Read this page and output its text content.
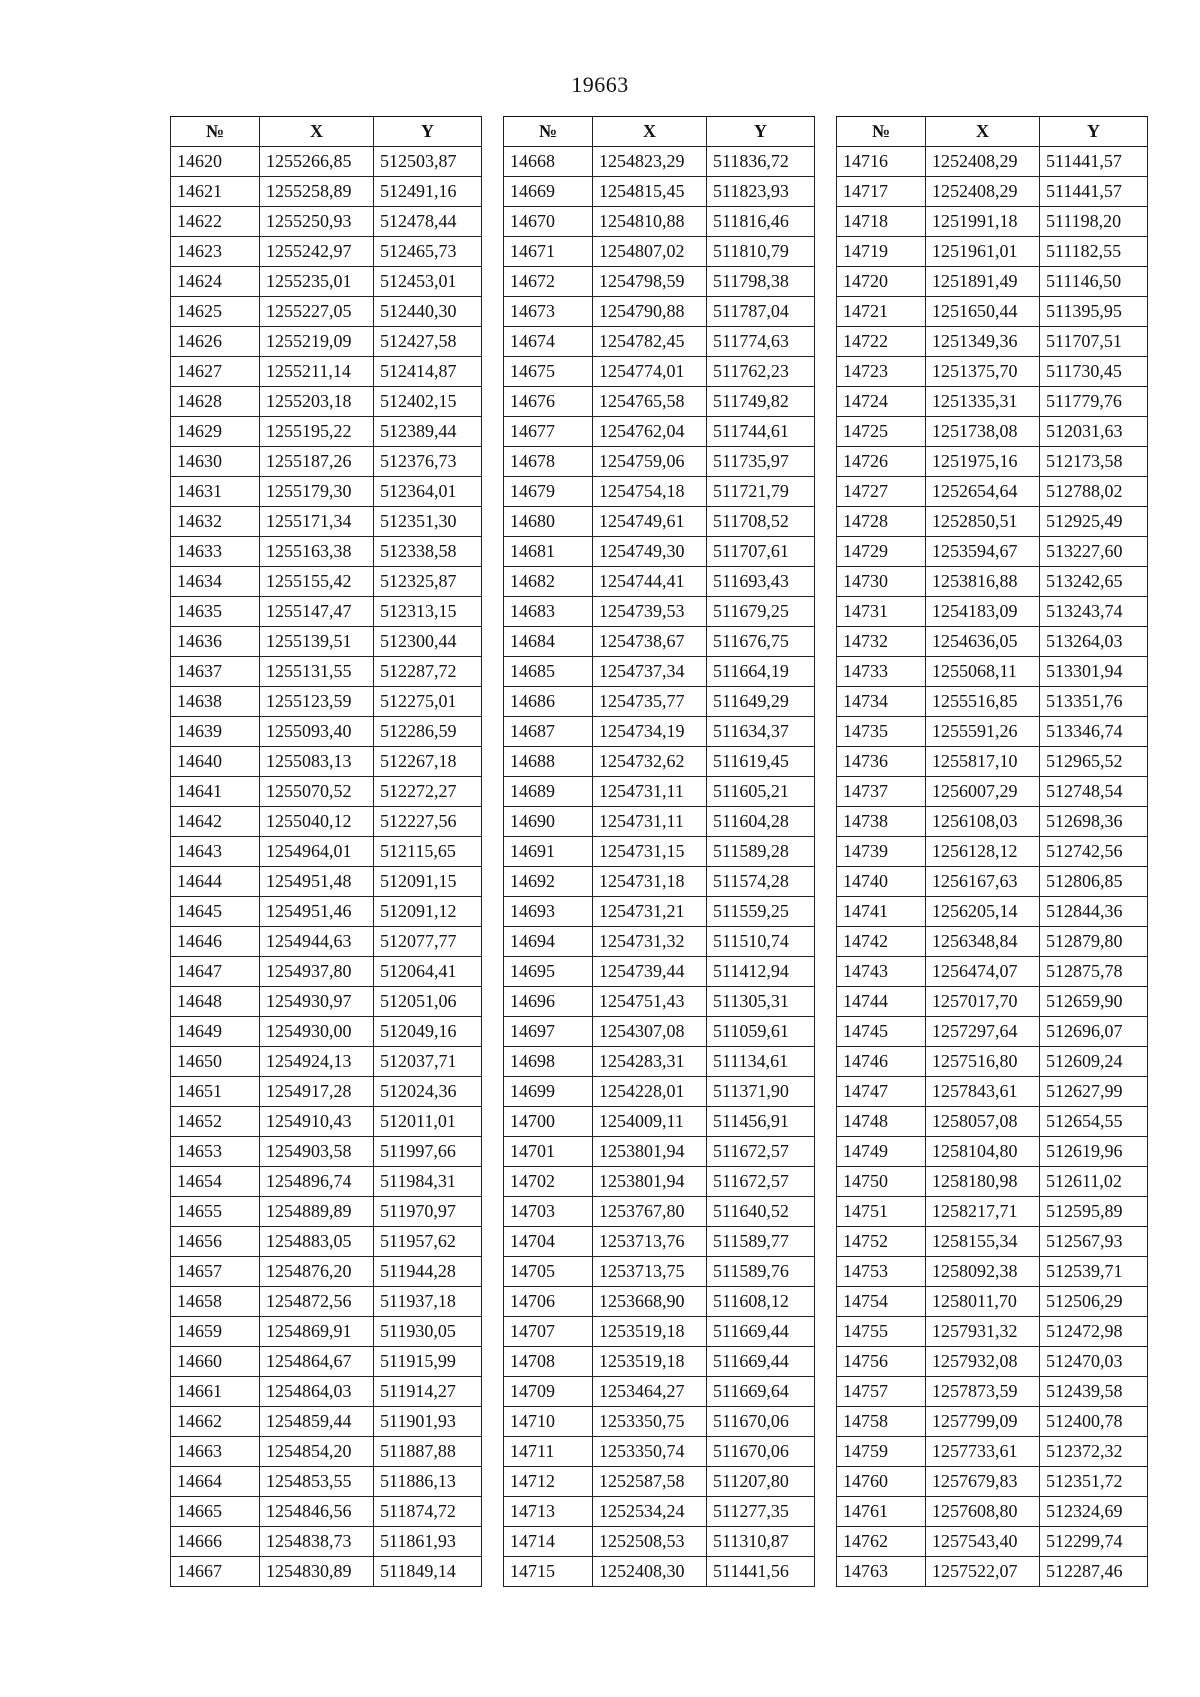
19663
№	X	Y
14620	1255266,85	512503,87
14621	1255258,89	512491,16
14622	1255250,93	512478,44
14623	1255242,97	512465,73
14624	1255235,01	512453,01
14625	1255227,05	512440,30
14626	1255219,09	512427,58
14627	1255211,14	512414,87
14628	1255203,18	512402,15
14629	1255195,22	512389,44
14630	1255187,26	512376,73
14631	1255179,30	512364,01
14632	1255171,34	512351,30
14633	1255163,38	512338,58
14634	1255155,42	512325,87
14635	1255147,47	512313,15
14636	1255139,51	512300,44
14637	1255131,55	512287,72
14638	1255123,59	512275,01
14639	1255093,40	512286,59
14640	1255083,13	512267,18
14641	1255070,52	512272,27
14642	1255040,12	512227,56
14643	1254964,01	512115,65
14644	1254951,48	512091,15
14645	1254951,46	512091,12
14646	1254944,63	512077,77
14647	1254937,80	512064,41
14648	1254930,97	512051,06
14649	1254930,00	512049,16
14650	1254924,13	512037,71
14651	1254917,28	512024,36
14652	1254910,43	512011,01
14653	1254903,58	511997,66
14654	1254896,74	511984,31
14655	1254889,89	511970,97
14656	1254883,05	511957,62
14657	1254876,20	511944,28
14658	1254872,56	511937,18
14659	1254869,91	511930,05
14660	1254864,67	511915,99
14661	1254864,03	511914,27
14662	1254859,44	511901,93
14663	1254854,20	511887,88
14664	1254853,55	511886,13
14665	1254846,56	511874,72
14666	1254838,73	511861,93
14667	1254830,89	511849,14
№	X	Y
14668	1254823,29	511836,72
14669	1254815,45	511823,93
14670	1254810,88	511816,46
14671	1254807,02	511810,79
14672	1254798,59	511798,38
14673	1254790,88	511787,04
14674	1254782,45	511774,63
14675	1254774,01	511762,23
14676	1254765,58	511749,82
14677	1254762,04	511744,61
14678	1254759,06	511735,97
14679	1254754,18	511721,79
14680	1254749,61	511708,52
14681	1254749,30	511707,61
14682	1254744,41	511693,43
14683	1254739,53	511679,25
14684	1254738,67	511676,75
14685	1254737,34	511664,19
14686	1254735,77	511649,29
14687	1254734,19	511634,37
14688	1254732,62	511619,45
14689	1254731,11	511605,21
14690	1254731,11	511604,28
14691	1254731,15	511589,28
14692	1254731,18	511574,28
14693	1254731,21	511559,25
14694	1254731,32	511510,74
14695	1254739,44	511412,94
14696	1254751,43	511305,31
14697	1254307,08	511059,61
14698	1254283,31	511134,61
14699	1254228,01	511371,90
14700	1254009,11	511456,91
14701	1253801,94	511672,57
14702	1253801,94	511672,57
14703	1253767,80	511640,52
14704	1253713,76	511589,77
14705	1253713,75	511589,76
14706	1253668,90	511608,12
14707	1253519,18	511669,44
14708	1253519,18	511669,44
14709	1253464,27	511669,64
14710	1253350,75	511670,06
14711	1253350,74	511670,06
14712	1252587,58	511207,80
14713	1252534,24	511277,35
14714	1252508,53	511310,87
14715	1252408,30	511441,56
№	X	Y
14716	1252408,29	511441,57
14717	1252408,29	511441,57
14718	1251991,18	511198,20
14719	1251961,01	511182,55
14720	1251891,49	511146,50
14721	1251650,44	511395,95
14722	1251349,36	511707,51
14723	1251375,70	511730,45
14724	1251335,31	511779,76
14725	1251738,08	512031,63
14726	1251975,16	512173,58
14727	1252654,64	512788,02
14728	1252850,51	512925,49
14729	1253594,67	513227,60
14730	1253816,88	513242,65
14731	1254183,09	513243,74
14732	1254636,05	513264,03
14733	1255068,11	513301,94
14734	1255516,85	513351,76
14735	1255591,26	513346,74
14736	1255817,10	512965,52
14737	1256007,29	512748,54
14738	1256108,03	512698,36
14739	1256128,12	512742,56
14740	1256167,63	512806,85
14741	1256205,14	512844,36
14742	1256348,84	512879,80
14743	1256474,07	512875,78
14744	1257017,70	512659,90
14745	1257297,64	512696,07
14746	1257516,80	512609,24
14747	1257843,61	512627,99
14748	1258057,08	512654,55
14749	1258104,80	512619,96
14750	1258180,98	512611,02
14751	1258217,71	512595,89
14752	1258155,34	512567,93
14753	1258092,38	512539,71
14754	1258011,70	512506,29
14755	1257931,32	512472,98
14756	1257932,08	512470,03
14757	1257873,59	512439,58
14758	1257799,09	512400,78
14759	1257733,61	512372,32
14760	1257679,83	512351,72
14761	1257608,80	512324,69
14762	1257543,40	512299,74
14763	1257522,07	512287,46
